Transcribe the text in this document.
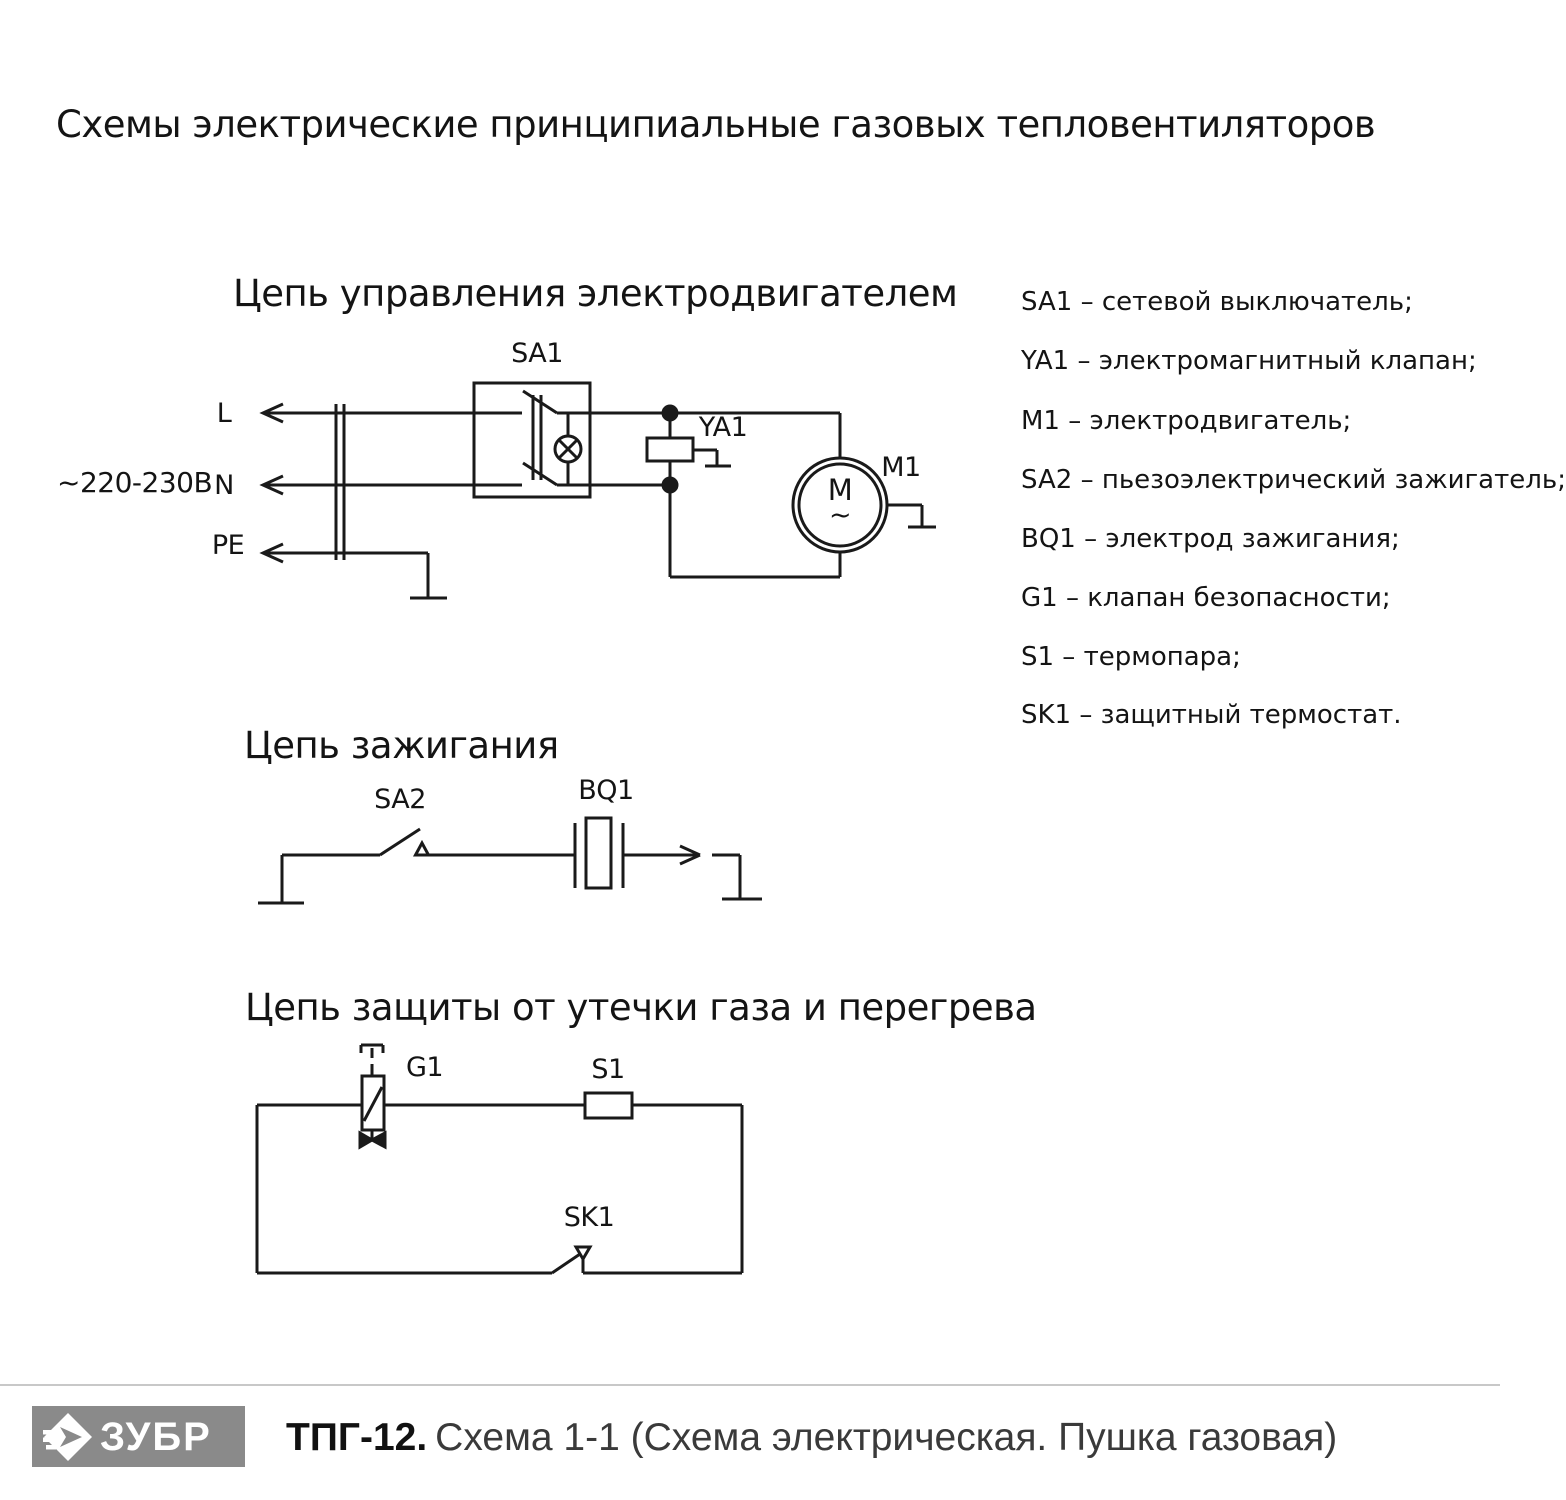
Схемы электрические принципиальные газовых тепловентиляторов
Цепь управления электродвигателем
Цепь зажигания
Цепь защиты от утечки газа и перегрева
~220-230В
L
N
PE
SA1
YA1
M1
M
~
SA2	BQ1
G1	S1
SK1
SA1 – сетевой выключатель;
YA1 – электромагнитный клапан;
M1 – электродвигатель;
SA2 – пьезоэлектрический зажигатель;
BQ1 – электрод зажигания;
G1 – клапан безопасности;
S1 – термопара;
SK1 – защитный термостат.
ЗУБР ТПГ-12. Схема 1-1 (Схема электрическая. Пушка газовая)
